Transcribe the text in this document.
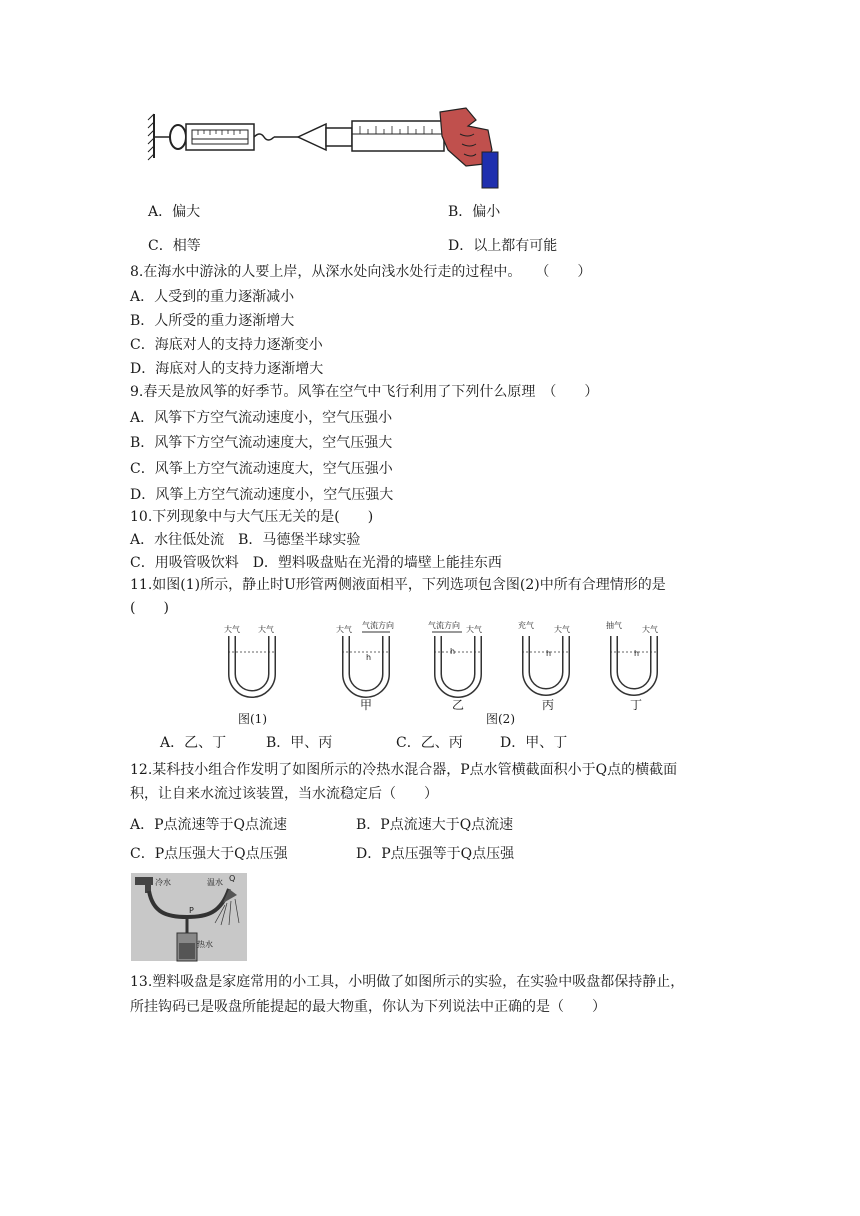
A．偏大	B．偏小
C．相等	D．以上都有可能
8.在海水中游泳的人要上岸，从深水处向浅水处行走的过程中。　　（　　）
A．人受到的重力逐渐减小
B．人所受的重力逐渐增大
C．海底对人的支持力逐渐变小
D．海底对人的支持力逐渐增大
9.春天是放风筝的好季节。风筝在空气中飞行利用了下列什么原理　（　　）
A．风筝下方空气流动速度小，空气压强小
B．风筝下方空气流动速度大，空气压强大
C．风筝上方空气流动速度大，空气压强小
D．风筝上方空气流动速度小，空气压强大
10.下列现象中与大气压无关的是(　　)
A．水往低处流　B．马德堡半球实验
C．用吸管吸饮料　D．塑料吸盘贴在光滑的墙壁上能挂东西
11.如图(1)所示，静止时U形管两侧液面相平，下列选项包含图(2)中所有合理情形的是
(　　)
大气 大气
图(1)
大气 气流方向
h
甲
气流方向 大气
h
乙
充气	大气
h
丙
抽气	大气
h
丁
图(2)
A．乙、丁	B．甲、丙	C．乙、丙	D．甲、丁
12.某科技小组合作发明了如图所示的冷热水混合器，P点水管横截面积小于Q点的横截面
积，让自来水流过该装置，当水流稳定后（　　）
A．P点流速等于Q点流速	B．P点流速大于Q点流速
C．P点压强大于Q点压强	D．P点压强等于Q点压强
冷水
P
温水 Q
热水
13.塑料吸盘是家庭常用的小工具，小明做了如图所示的实验，在实验中吸盘都保持静止，
所挂钩码已是吸盘所能提起的最大物重，你认为下列说法中正确的是（　　）
